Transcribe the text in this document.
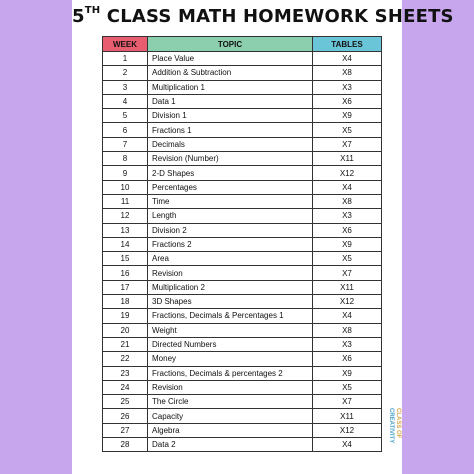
5TH CLASS MATH HOMEWORK SHEETS
WEEK	TOPIC	TABLES
1	Place Value	X4
2	Addition & Subtraction	X8
3	Multiplication 1	X3
4	Data 1	X6
5	Division 1	X9
6	Fractions 1	X5
7	Decimals	X7
8	Revision (Number)	X11
9	2-D Shapes	X12
10	Percentages	X4
11	Time	X8
12	Length	X3
13	Division 2	X6
14	Fractions 2	X9
15	Area	X5
16	Revision	X7
17	Multiplication 2	X11
18	3D Shapes	X12
19	Fractions, Decimals & Percentages 1	X4
20	Weight	X8
21	Directed Numbers	X3
22	Money	X6
23	Fractions, Decimals & percentages 2	X9
24	Revision	X5
25	The Circle	X7
26	Capacity	X11
27	Algebra	X12
28	Data 2	X4
CLASS OF
CREATIVITY
